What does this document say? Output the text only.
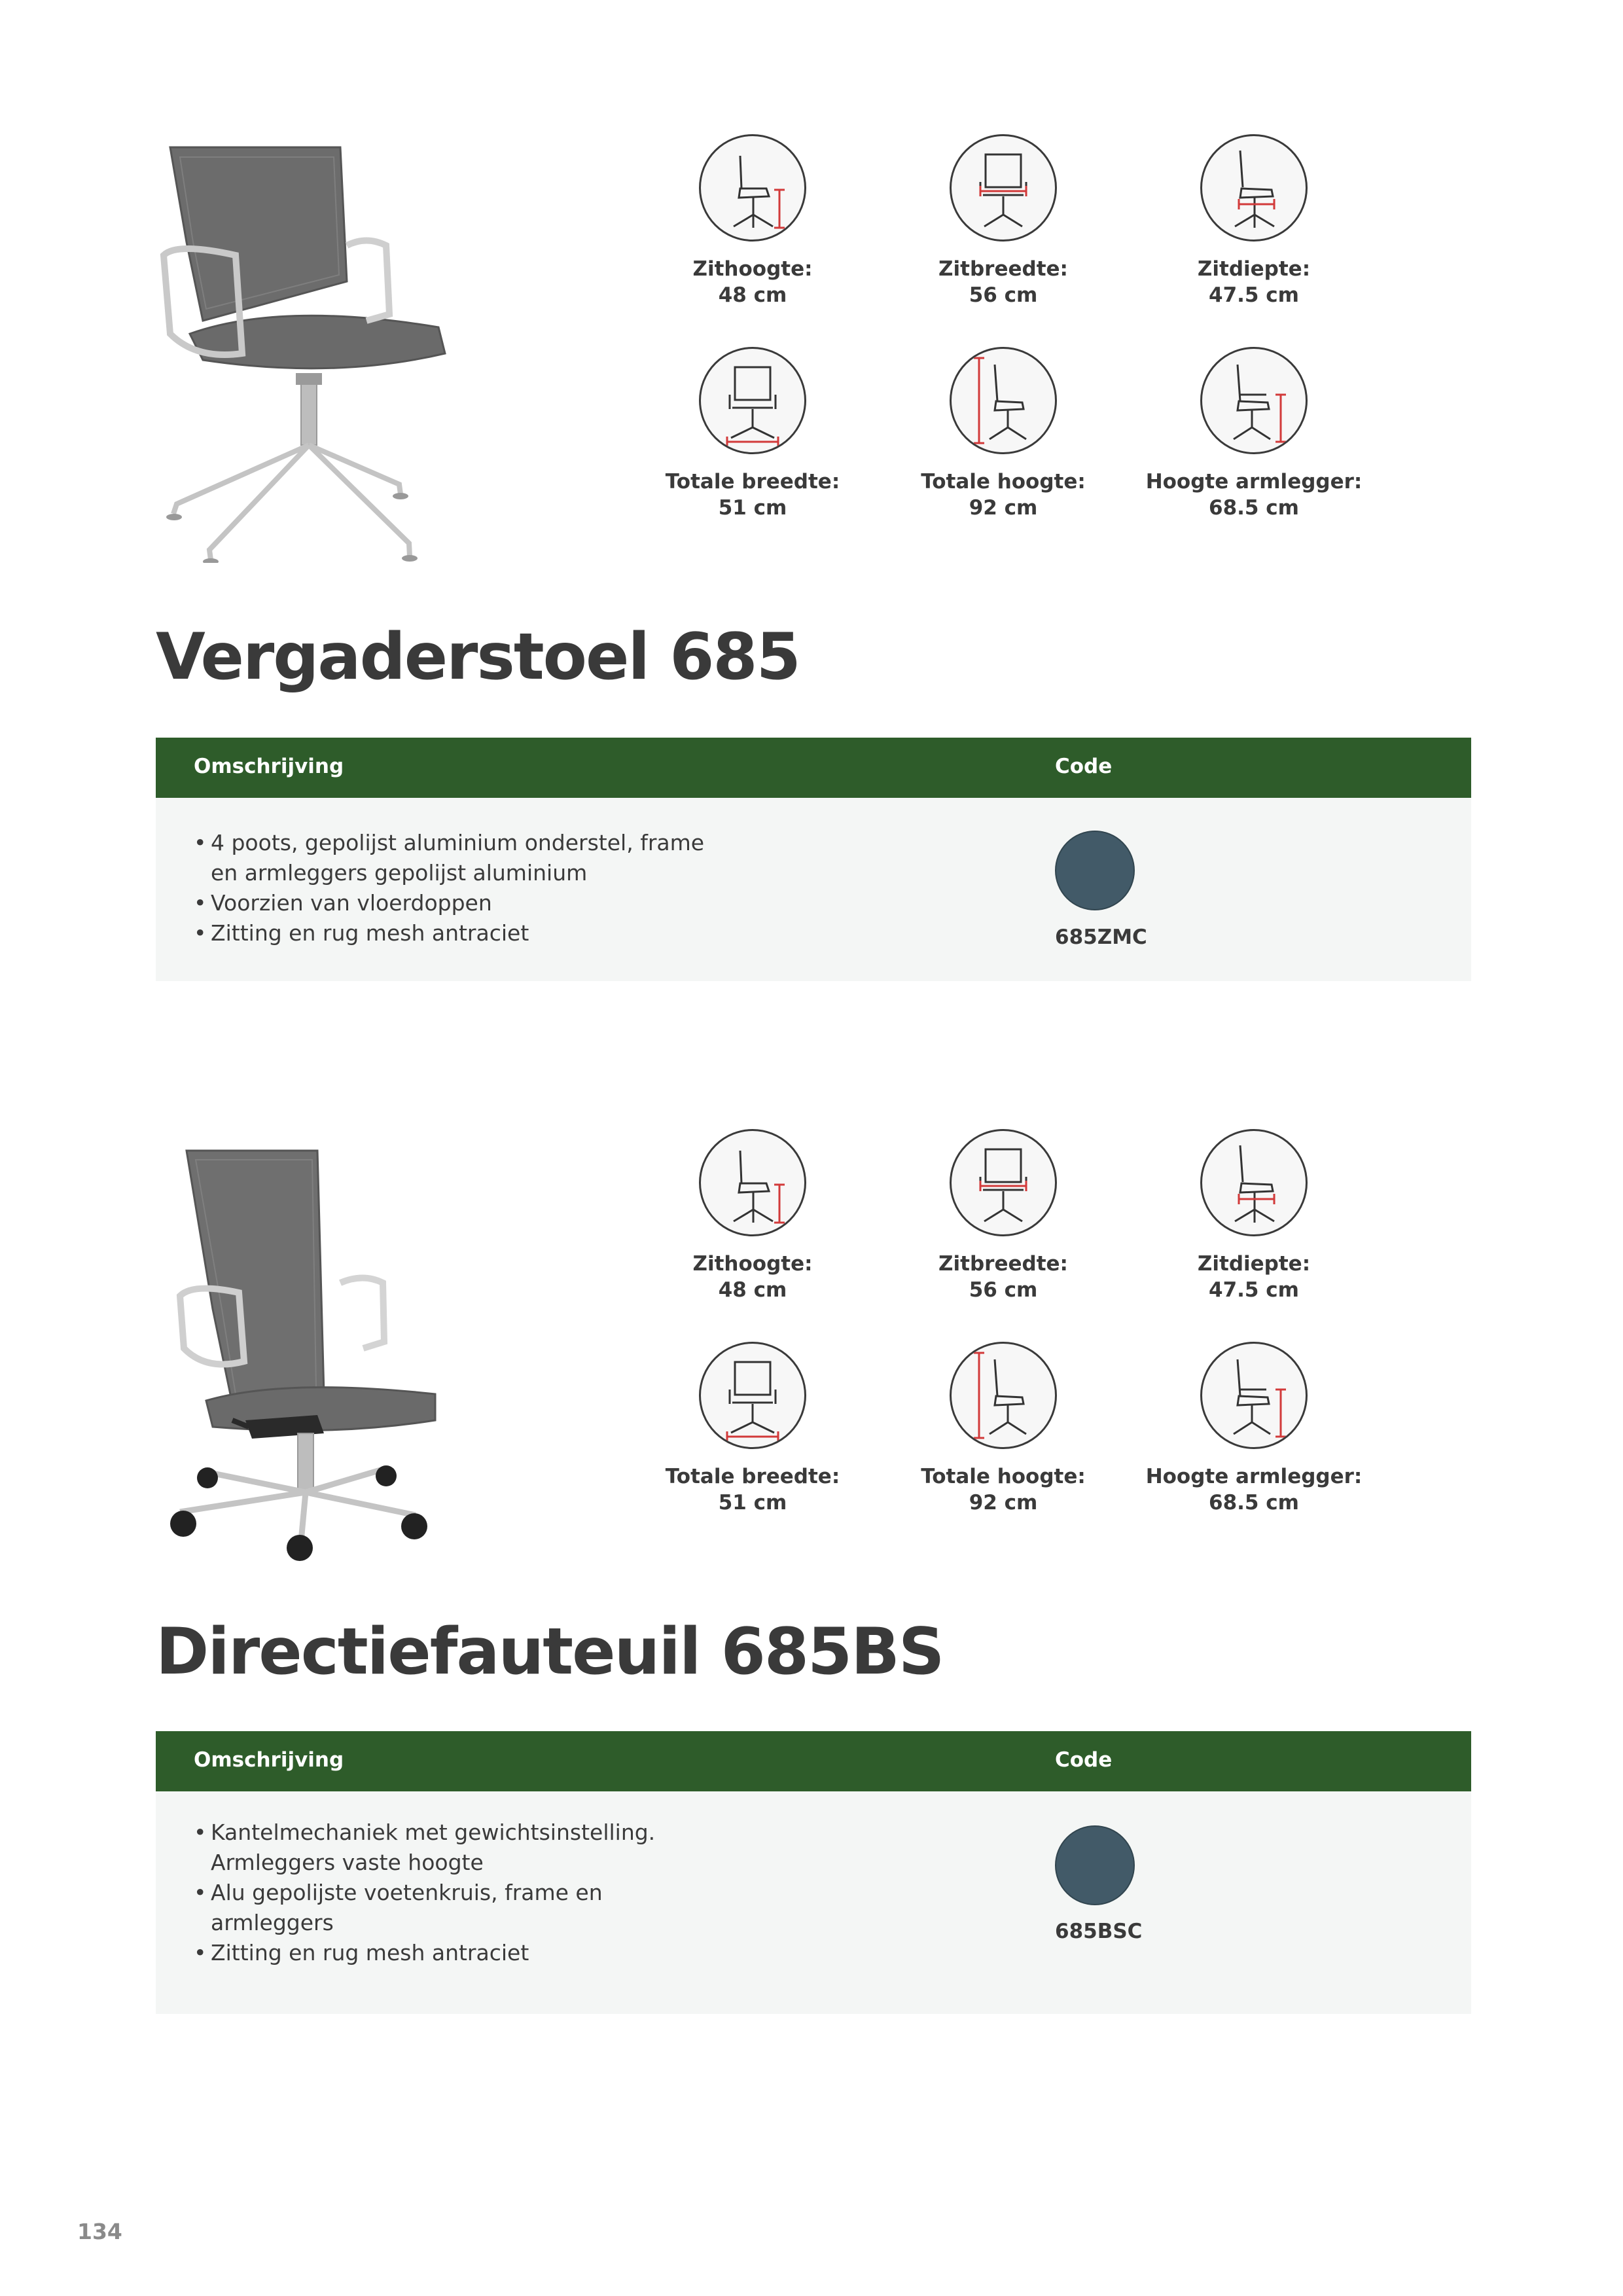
Zithoogte:
48 cm
Zitbreedte:
56 cm
Zitdiepte:
47.5 cm
Totale breedte:
51 cm
Totale hoogte:
92 cm
Hoogte armlegger:
68.5 cm
Vergaderstoel 685
Omschrijving	Code
• 4 poots, gepolijst aluminium onderstel, frame en armleggers gepolijst aluminium
• Voorzien van vloerdoppen
• Zitting en rug mesh antraciet	685ZMC
Zithoogte:
48 cm
Zitbreedte:
56 cm
Zitdiepte:
47.5 cm
Totale breedte:
51 cm
Totale hoogte:
92 cm
Hoogte armlegger:
68.5 cm
Directiefauteuil 685BS
Omschrijving	Code
• Kantelmechaniek met gewichtsinstelling. Armleggers vaste hoogte
• Alu gepolijste voetenkruis, frame en armleggers
• Zitting en rug mesh antraciet
685BSC
134
